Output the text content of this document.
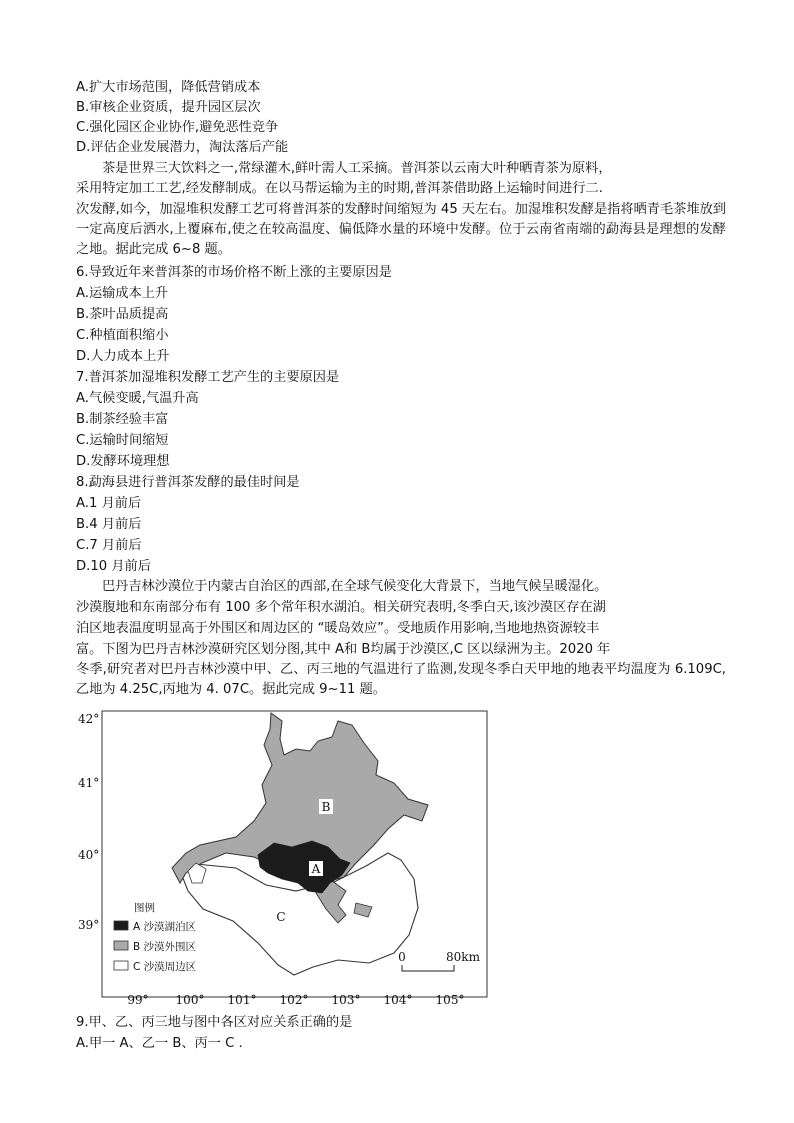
A.扩大市场范围，降低营销成本
B.审核企业资质，提升园区层次
C.强化园区企业协作,避免恶性竞争
D.评估企业发展潜力，淘汰落后产能
茶是世界三大饮料之一,常绿灌木,鲜叶需人工采摘。普洱茶以云南大叶种晒青茶为原料，
采用特定加工工艺,经发酵制成。在以马帮运输为主的时期,普洱茶借助路上运输时间进行二.
次发酵,如今，加湿堆积发酵工艺可将普洱茶的发酵时间缩短为 45 天左右。加湿堆积发酵是指将晒青毛茶堆放到一定高度后洒水,上覆麻布,使之在较高温度、偏低降水量的环境中发酵。位于云南省南端的勐海县是理想的发酵之地。据此完成 6~8 题。
6.导致近年来普洱茶的市场价格不断上涨的主要原因是
A.运输成本上升
B.茶叶品质提高
C.种植面积缩小
D.人力成本上升
7.普洱茶加湿堆积发酵工艺产生的主要原因是
A.气候变暖,气温升高
B.制茶经验丰富
C.运输时间缩短
D.发酵环境理想
8.勐海县进行普洱茶发酵的最佳时间是
A.1 月前后
B.4 月前后
C.7 月前后
D.10 月前后
巴丹吉林沙漠位于内蒙古自治区的西部,在全球气候变化大背景下，当地气候呈暖湿化。
沙漠腹地和东南部分布有 100 多个常年积水湖泊。相关研究表明,冬季白天,该沙漠区存在湖
泊区地表温度明显高于外围区和周边区的 “暖岛效应”。受地质作用影响,当地地热资源较丰
富。下图为巴丹吉林沙漠研究区划分图,其中 A和 B均属于沙漠区,C 区以绿洲为主。2020 年
冬季,研究者对巴丹吉林沙漠中甲、乙、丙三地的气温进行了监测,发现冬季白天甲地的地表平均温度为 6.109C,乙地为 4.25C,丙地为 4. 07C。据此完成 9~11 题。
B
A
C
42°
41°
40°
39°
99° 100° 101° 102° 103° 104° 105°
图例
A 沙漠湖泊区
B 沙漠外围区
C 沙漠周边区
0	80km
9.甲、乙、丙三地与图中各区对应关系正确的是
A.甲一 A、乙一 B、丙一 C .
